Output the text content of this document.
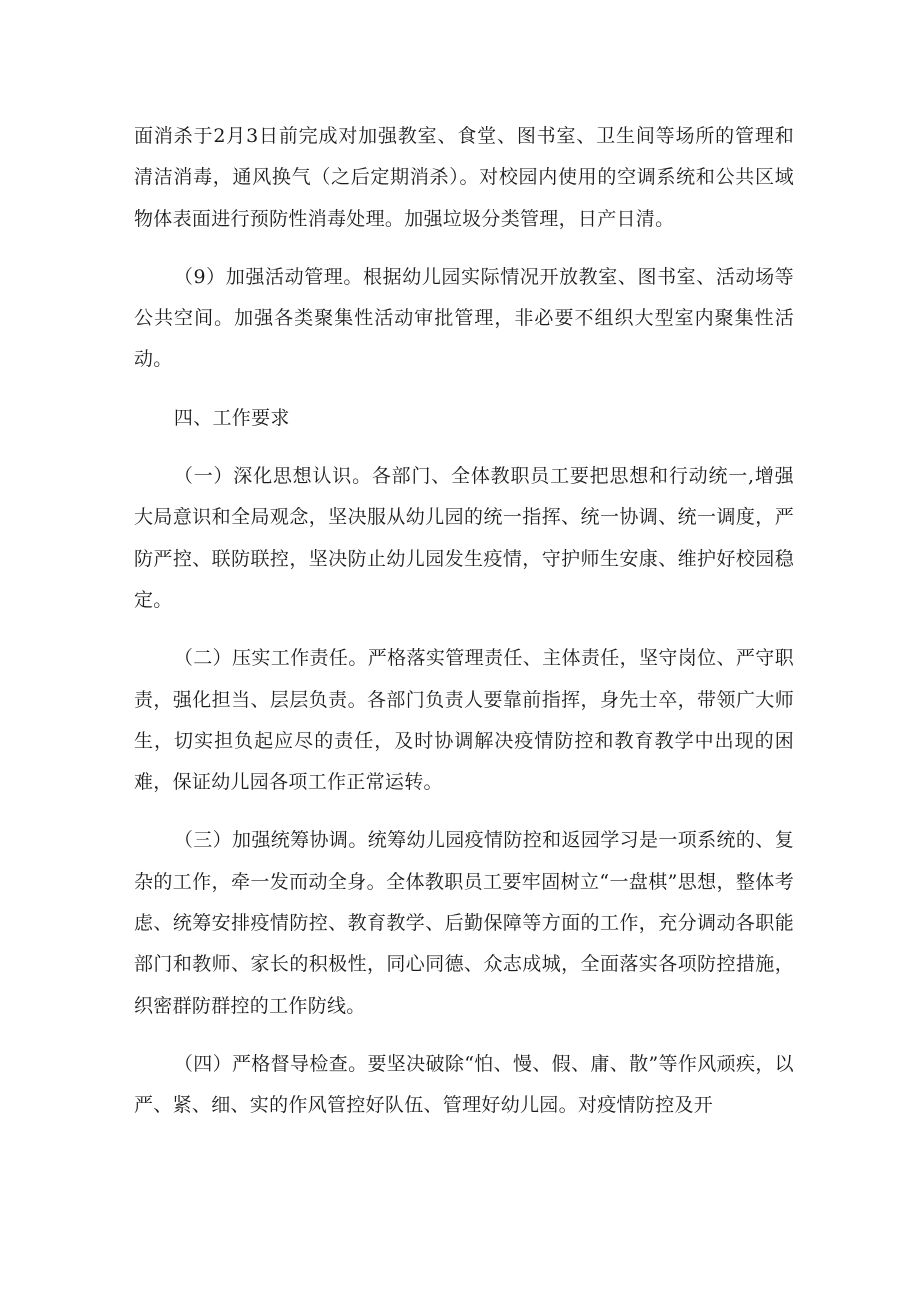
面消杀于2月3日前完成对加强教室、食堂、图书室、卫生间等场所的管理和清洁消毒，通风换气（之后定期消杀）。对校园内使用的空调系统和公共区域物体表面进行预防性消毒处理。加强垃圾分类管理，日产日清。

（9）加强活动管理。根据幼儿园实际情况开放教室、图书室、活动场等公共空间。加强各类聚集性活动审批管理，非必要不组织大型室内聚集性活动。

四、工作要求

（一）深化思想认识。各部门、全体教职员工要把思想和行动统一,增强大局意识和全局观念，坚决服从幼儿园的统一指挥、统一协调、统一调度，严防严控、联防联控，坚决防止幼儿园发生疫情，守护师生安康、维护好校园稳定。

（二）压实工作责任。严格落实管理责任、主体责任，坚守岗位、严守职责，强化担当、层层负责。各部门负责人要靠前指挥，身先士卒，带领广大师生，切实担负起应尽的责任，及时协调解决疫情防控和教育教学中出现的困难，保证幼儿园各项工作正常运转。

（三）加强统筹协调。统筹幼儿园疫情防控和返园学习是一项系统的、复杂的工作，牵一发而动全身。全体教职员工要牢固树立“一盘棋”思想，整体考虑、统筹安排疫情防控、教育教学、后勤保障等方面的工作，充分调动各职能部门和教师、家长的积极性，同心同德、众志成城，全面落实各项防控措施，织密群防群控的工作防线。

（四）严格督导检查。要坚决破除“怕、慢、假、庸、散”等作风顽疾，以严、紧、细、实的作风管控好队伍、管理好幼儿园。对疫情防控及开
